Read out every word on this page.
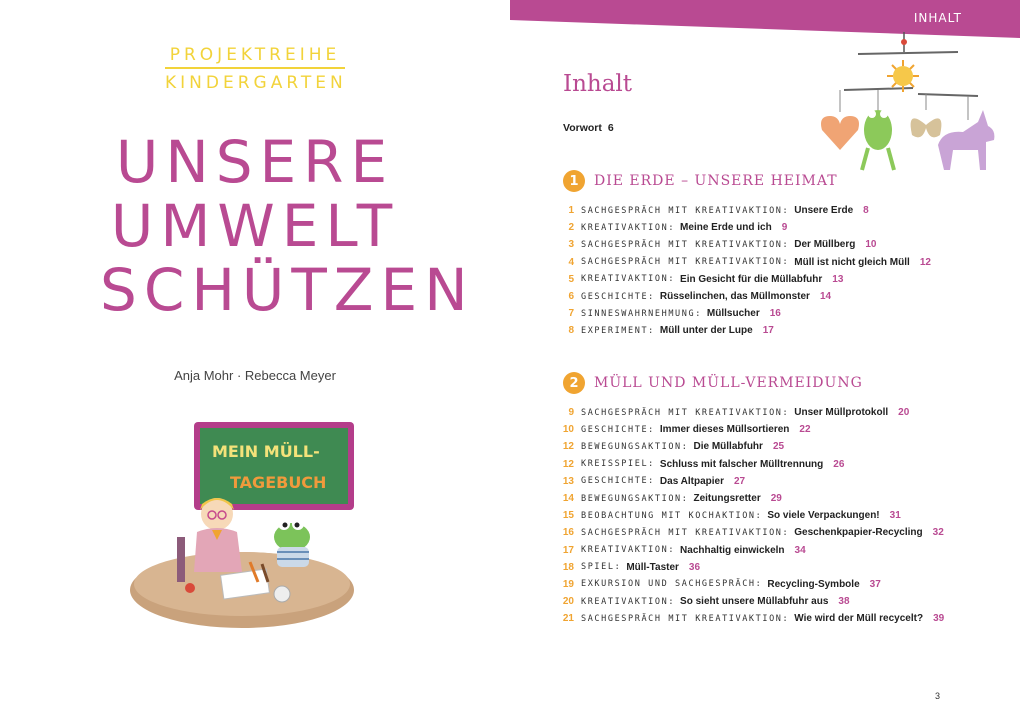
PROJEKTREIHE
KINDERGARTEN
UNSERE
UMWELT
SCHÜTZEN
Anja Mohr · Rebecca Meyer
MEIN MÜLL-
TAGEBUCH
INHALT
Inhalt
Vorwort 6
1	DIE ERDE – UNSERE HEIMAT
1 SACHGESPRÄCH MIT KREATIVAKTION: Unsere Erde 8
2 KREATIVAKTION: Meine Erde und ich 9
3 SACHGESPRÄCH MIT KREATIVAKTION: Der Müllberg 10
4 SACHGESPRÄCH MIT KREATIVAKTION: Müll ist nicht gleich Müll 12
5 KREATIVAKTION: Ein Gesicht für die Müllabfuhr 13
6 GESCHICHTE: Rüsselinchen, das Müllmonster 14
7 SINNESWAHRNEHMUNG: Müllsucher 16
8 EXPERIMENT: Müll unter der Lupe 17
2	MÜLL UND MÜLL-VERMEIDUNG
9 SACHGESPRÄCH MIT KREATIVAKTION: Unser Müllprotokoll 20
10 GESCHICHTE: Immer dieses Müllsortieren 22
12 BEWEGUNGSAKTION: Die Müllabfuhr 25
12 KREISSPIEL: Schluss mit falscher Mülltrennung 26
13 GESCHICHTE: Das Altpapier 27
14 BEWEGUNGSAKTION: Zeitungsretter 29
15 BEOBACHTUNG MIT KOCHAKTION: So viele Verpackungen! 31
16 SACHGESPRÄCH MIT KREATIVAKTION: Geschenkpapier-Recycling 32
17 KREATIVAKTION: Nachhaltig einwickeln 34
18 SPIEL: Müll-Taster 36
19 EXKURSION UND SACHGESPRÄCH: Recycling-Symbole 37
20 KREATIVAKTION: So sieht unsere Müllabfuhr aus 38
21 SACHGESPRÄCH MIT KREATIVAKTION: Wie wird der Müll recycelt? 39
3
